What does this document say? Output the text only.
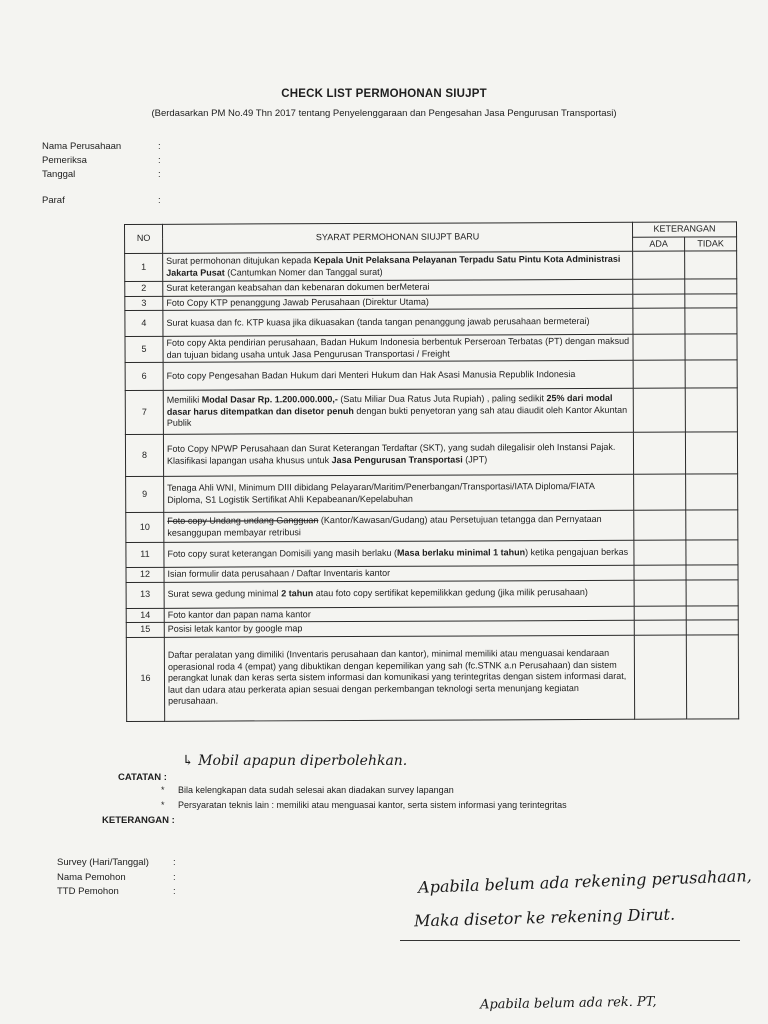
CHECK LIST PERMOHONAN SIUJPT
(Berdasarkan PM No.49 Thn 2017 tentang Penyelenggaraan dan Pengesahan Jasa Pengurusan Transportasi)
Nama Perusahaan	:
Pemeriksa	:
Tanggal	:
Paraf	:
NO	SYARAT PERMOHONAN SIUJPT BARU	KETERANGAN	
		ADA	TIDAK
1	Surat permohonan ditujukan kepada Kepala Unit Pelaksana Pelayanan Terpadu Satu Pintu Kota Administrasi Jakarta Pusat (Cantumkan Nomer dan Tanggal surat)		
2	Surat keterangan keabsahan dan kebenaran dokumen berMeterai		
3	Foto Copy KTP penanggung Jawab Perusahaan (Direktur Utama)		
4	Surat kuasa dan fc. KTP kuasa jika dikuasakan (tanda tangan penanggung jawab perusahaan bermeterai)		
5	Foto copy Akta pendirian perusahaan, Badan Hukum Indonesia berbentuk Perseroan Terbatas (PT) dengan maksud dan tujuan bidang usaha untuk Jasa Pengurusan Transportasi / Freight		
6	Foto copy Pengesahan Badan Hukum dari Menteri Hukum dan Hak Asasi Manusia Republik Indonesia		
7	Memiliki Modal Dasar Rp. 1.200.000.000,- (Satu Miliar Dua Ratus Juta Rupiah) , paling sedikit 25% dari modal dasar harus ditempatkan dan disetor penuh dengan bukti penyetoran yang sah atau diaudit oleh Kantor Akuntan Publik		
8	Foto Copy NPWP Perusahaan dan Surat Keterangan Terdaftar (SKT), yang sudah dilegalisir oleh Instansi Pajak. Klasifikasi lapangan usaha khusus untuk Jasa Pengurusan Transportasi (JPT)		
9	Tenaga Ahli WNI, Minimum DIII dibidang Pelayaran/Maritim/Penerbangan/Transportasi/IATA Diploma/FIATA Diploma, S1 Logistik Sertifikat Ahli Kepabeanan/Kepelabuhan		
10	Foto copy Undang-undang Gangguan (Kantor/Kawasan/Gudang) atau Persetujuan tetangga dan Pernyataan kesanggupan membayar retribusi		
11	Foto copy surat keterangan Domisili yang masih berlaku (Masa berlaku minimal 1 tahun) ketika pengajuan berkas		
12	Isian formulir data perusahaan / Daftar Inventaris kantor		
13	Surat sewa gedung minimal 2 tahun atau foto copy sertifikat kepemilikkan gedung (jika milik perusahaan)		
14	Foto kantor dan papan nama kantor		
15	Posisi letak kantor by google map		
16	Daftar peralatan yang dimiliki (Inventaris perusahaan dan kantor), minimal memiliki atau menguasai kendaraan operasional roda 4 (empat) yang dibuktikan dengan kepemilikan yang sah (fc.STNK a.n Perusahaan) dan sistem perangkat lunak dan keras serta sistem informasi dan komunikasi yang terintegritas dengan sistem informasi darat, laut dan udara atau perkerata apian sesuai dengan perkembangan teknologi serta menunjang kegiatan perusahaan.		
↳ Mobil apapun diperbolehkan.
CATATAN :
* Bila kelengkapan data sudah selesai akan diadakan survey lapangan
* Persyaratan teknis lain : memiliki atau menguasai kantor, serta sistem informasi yang terintegritas
KETERANGAN :
Survey (Hari/Tanggal)	:
Nama Pemohon	:
TTD Pemohon	:	Apabila belum ada rekening perusahaan,
Maka disetor ke rekening Dirut.
Apabila belum ada rek. PT,
